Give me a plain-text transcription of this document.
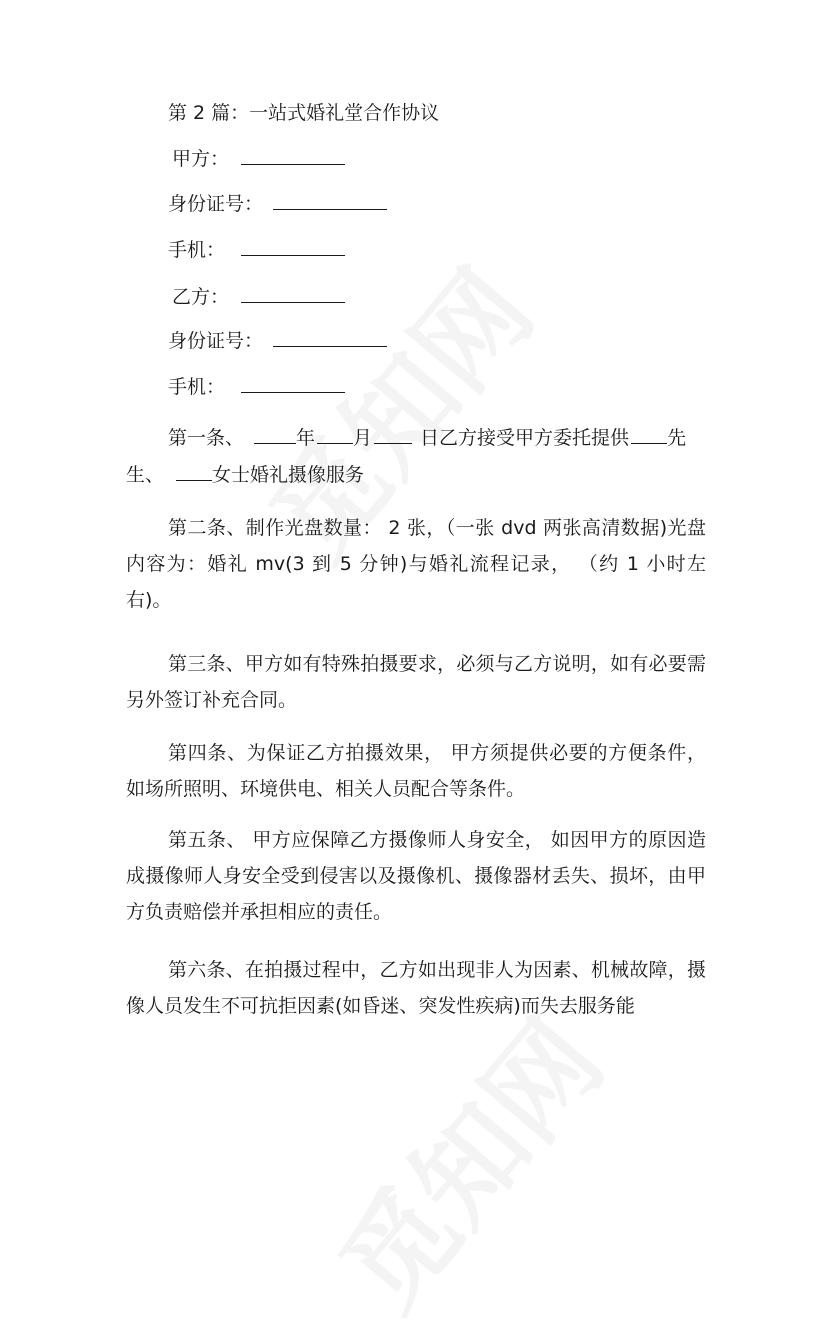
第 2 篇：一站式婚礼堂合作协议
甲方：
身份证号：
手机：
乙方：
身份证号：
手机：
第一条、	年 月	日乙方接受甲方委托提供 先
生、	女士婚礼摄像服务
第二条、制作光盘数量： 2 张，（一张 dvd 两张高清数据)光盘内容为：婚礼 mv(3 到 5 分钟)与婚礼流程记录， （约 1 小时左右)。
第三条、甲方如有特殊拍摄要求，必须与乙方说明，如有必要需另外签订补充合同。
第四条、为保证乙方拍摄效果， 甲方须提供必要的方便条件，如场所照明、环境供电、相关人员配合等条件。
第五条、 甲方应保障乙方摄像师人身安全， 如因甲方的原因造成摄像师人身安全受到侵害以及摄像机、摄像器材丢失、损坏，由甲方负责赔偿并承担相应的责任。
第六条、在拍摄过程中，乙方如出现非人为因素、机械故障，摄像人员发生不可抗拒因素(如昏迷、突发性疾病)而失去服务能
